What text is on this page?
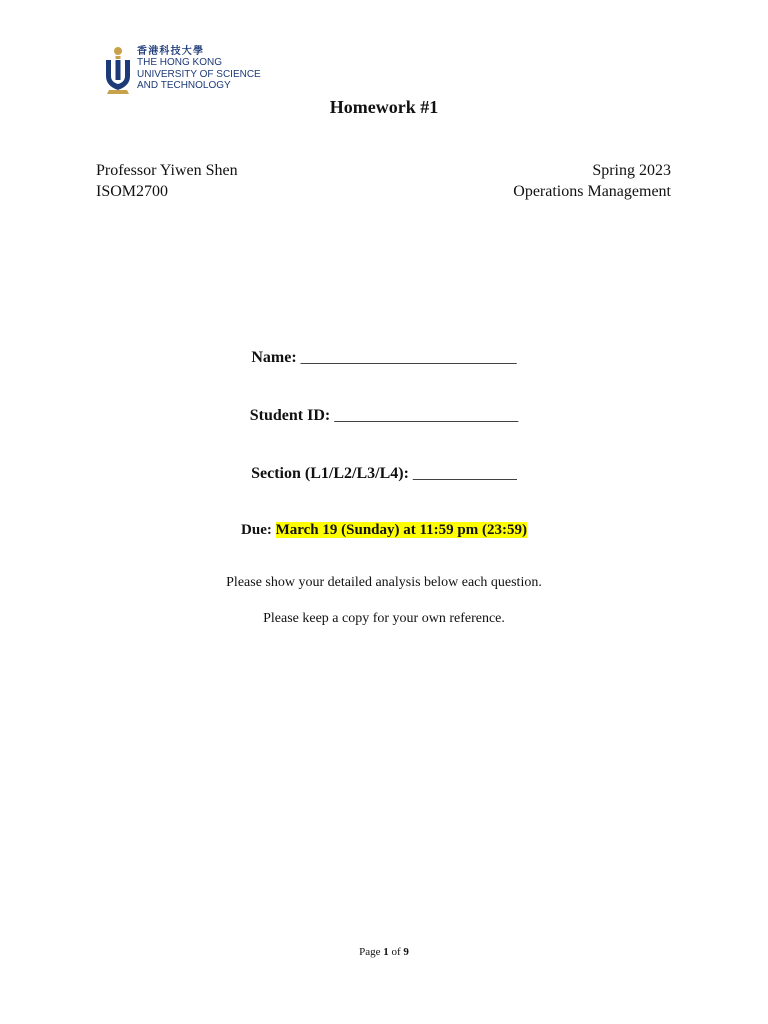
香港科技大學
THE HONG KONG
UNIVERSITY OF SCIENCE
AND TECHNOLOGY
Homework #1
Professor Yiwen Shen	Spring 2023
ISOM2700	Operations Management
Name: ___________________________
Student ID: _______________________
Section (L1/L2/L3/L4): _____________
Due: March 19 (Sunday) at 11:59 pm (23:59)
Please show your detailed analysis below each question.
Please keep a copy for your own reference.
Page 1 of 9
